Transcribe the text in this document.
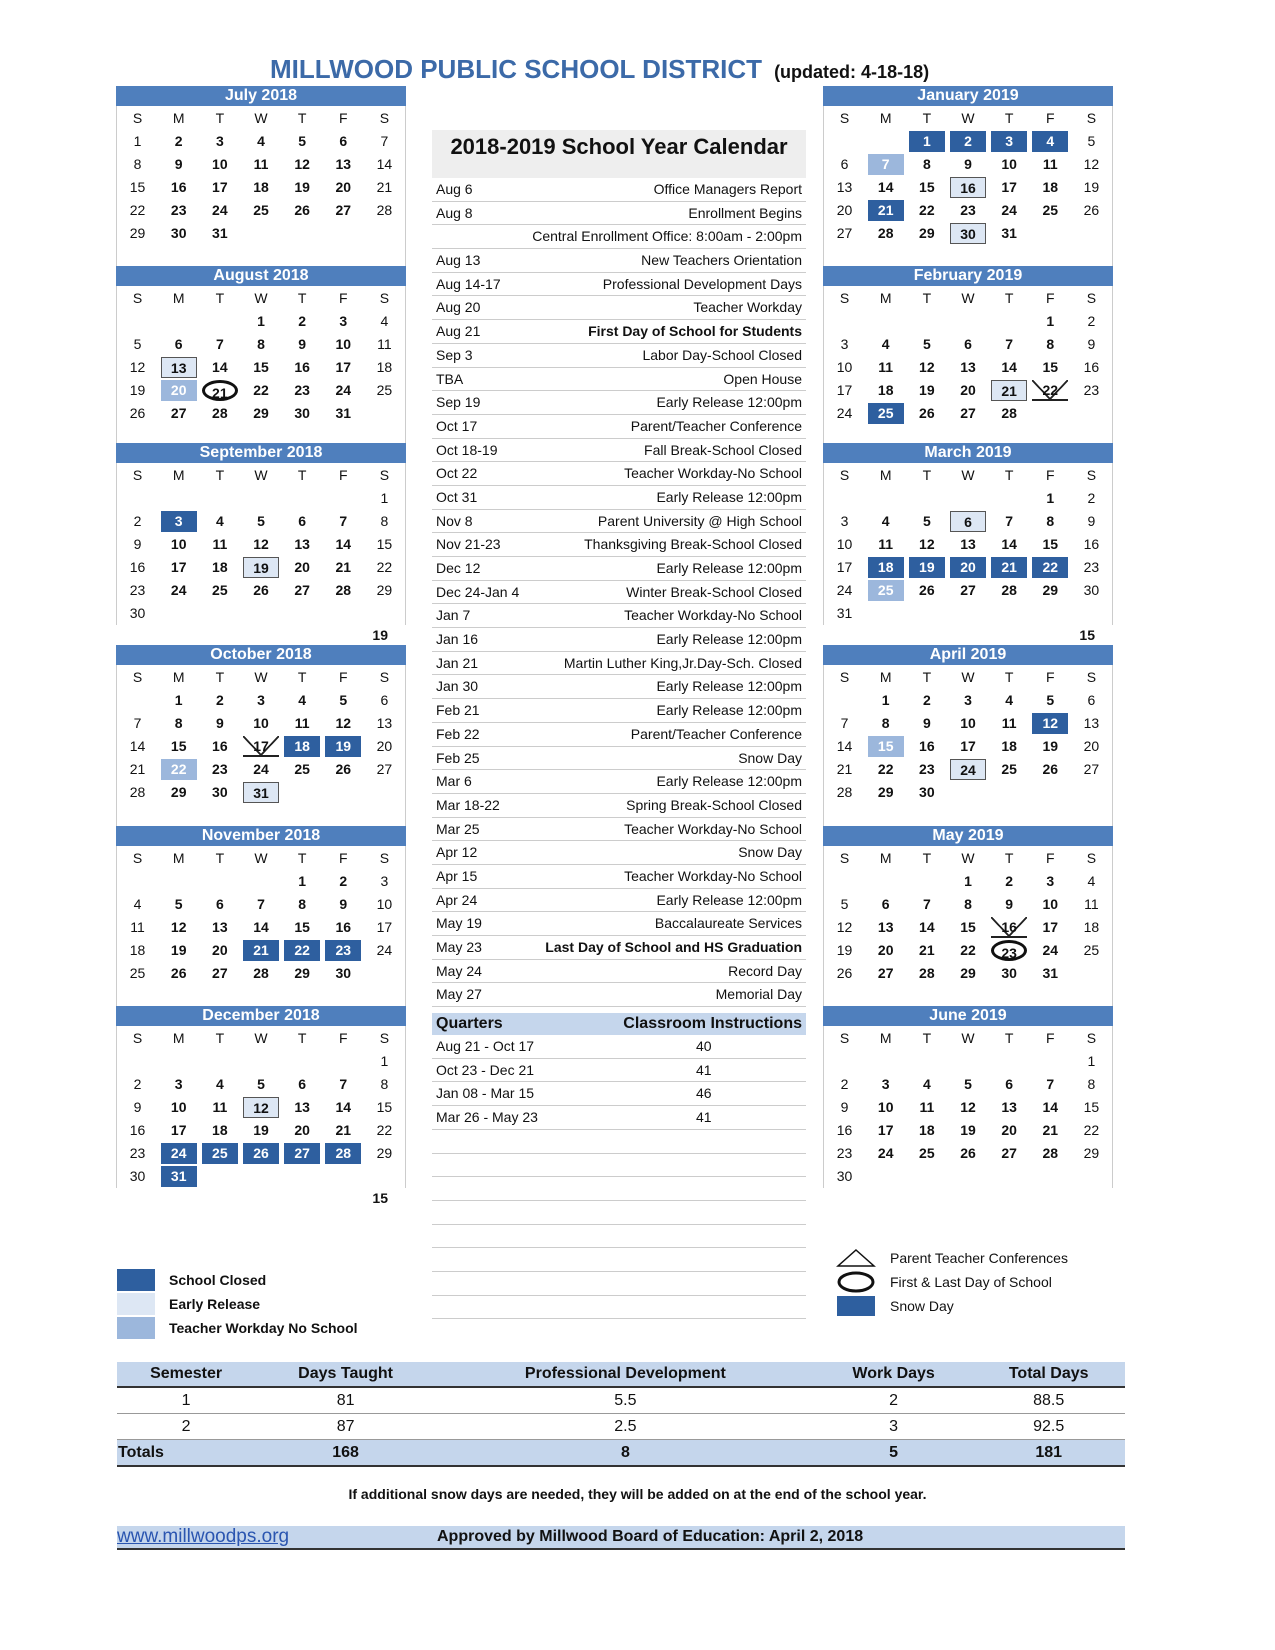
MILLWOOD PUBLIC SCHOOL DISTRICT (updated: 4-18-18)
2018-2019 School Year Calendar
Aug 6	Office Managers Report
Aug 8	Enrollment Begins
Central Enrollment Office: 8:00am - 2:00pm
Aug 13	New Teachers Orientation
Aug 14-17	Professional Development Days
Aug 20	Teacher Workday
Aug 21	First Day of School for Students
Sep 3	Labor Day-School Closed
TBA	Open House
Sep 19	Early Release 12:00pm
Oct 17	Parent/Teacher Conference
Oct 18-19	Fall Break-School Closed
Oct 22	Teacher Workday-No School
Oct 31	Early Release 12:00pm
Nov 8	Parent University @ High School
Nov 21-23	Thanksgiving Break-School Closed
Dec 12	Early Release 12:00pm
Dec 24-Jan 4	Winter Break-School Closed
Jan 7	Teacher Workday-No School
Jan 16	Early Release 12:00pm
Jan 21	Martin Luther King,Jr.Day-Sch. Closed
Jan 30	Early Release 12:00pm
Feb 21	Early Release 12:00pm
Feb 22	Parent/Teacher Conference
Feb 25	Snow Day
Mar 6	Early Release 12:00pm
Mar 18-22	Spring Break-School Closed
Mar 25	Teacher Workday-No School
Apr 12	Snow Day
Apr 15	Teacher Workday-No School
Apr 24	Early Release 12:00pm
May 19	Baccalaureate Services
May 23	Last Day of School and HS Graduation
May 24	Record Day
May 27	Memorial Day
Quarters	Classroom Instructions
Aug 21 - Oct 17	40
Oct 23 - Dec 21	41
Jan 08 - Mar 15	46
Mar 26 - May 23	41
School Closed
Early Release
Teacher Workday No School
Parent Teacher Conferences
First & Last Day of School
Snow Day
Semester	Days Taught	Professional Development	Work Days	Total Days
1	81	5.5	2	88.5
2	87	2.5	3	92.5
Totals	168	8	5	181
If additional snow days are needed, they will be added on at the end of the school year.
www.millwoodps.org	Approved by Millwood Board of Education: April 2, 2018
July 2018
S	M	T	W	T	F	S
1	2	3	4	5	6	7
8	9	10	11	12	13	14
15	16	17	18	19	20	21
22	23	24	25	26	27	28
29	30	31				

August 2018
S	M	T	W	T	F	S
			1	2	3	4
5	6	7	8	9	10	11
12	13	14	15	16	17	18
19	20	21	22	23	24	25
26	27	28	29	30	31	

September 2018
S	M	T	W	T	F	S
						1
2	3	4	5	6	7	8
9	10	11	12	13	14	15
16	17	18	19	20	21	22
23	24	25	26	27	28	29
30						
19
October 2018
S	M	T	W	T	F	S
	1	2	3	4	5	6
7	8	9	10	11	12	13
14	15	16	17	18	19	20
21	22	23	24	25	26	27
28	29	30	31			

November 2018
S	M	T	W	T	F	S
				1	2	3
4	5	6	7	8	9	10
11	12	13	14	15	16	17
18	19	20	21	22	23	24
25	26	27	28	29	30	

December 2018
S	M	T	W	T	F	S
						1
2	3	4	5	6	7	8
9	10	11	12	13	14	15
16	17	18	19	20	21	22
23	24	25	26	27	28	29
30	31					
15
January 2019
S	M	T	W	T	F	S
		1	2	3	4	5
6	7	8	9	10	11	12
13	14	15	16	17	18	19
20	21	22	23	24	25	26
27	28	29	30	31		

February 2019
S	M	T	W	T	F	S
					1	2
3	4	5	6	7	8	9
10	11	12	13	14	15	16
17	18	19	20	21	22	23
24	25	26	27	28		

March 2019
S	M	T	W	T	F	S
					1	2
3	4	5	6	7	8	9
10	11	12	13	14	15	16
17	18	19	20	21	22	23
24	25	26	27	28	29	30
31						
15
April 2019
S	M	T	W	T	F	S
	1	2	3	4	5	6
7	8	9	10	11	12	13
14	15	16	17	18	19	20
21	22	23	24	25	26	27
28	29	30				

May 2019
S	M	T	W	T	F	S
			1	2	3	4
5	6	7	8	9	10	11
12	13	14	15	16	17	18
19	20	21	22	23	24	25
26	27	28	29	30	31	

June 2019
S	M	T	W	T	F	S
						1
2	3	4	5	6	7	8
9	10	11	12	13	14	15
16	17	18	19	20	21	22
23	24	25	26	27	28	29
30						
